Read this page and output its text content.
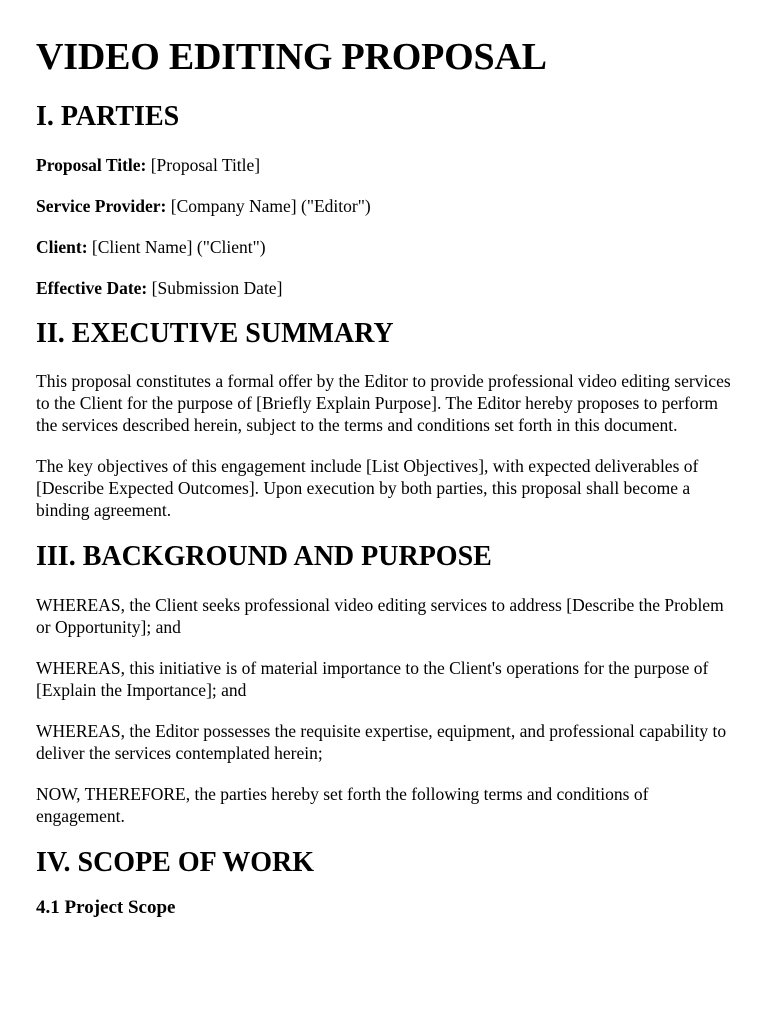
VIDEO EDITING PROPOSAL
I. PARTIES

Proposal Title: [Proposal Title]

Service Provider: [Company Name] ("Editor")

Client: [Client Name] ("Client")

Effective Date: [Submission Date]

II. EXECUTIVE SUMMARY

This proposal constitutes a formal offer by the Editor to provide professional video editing services to the Client for the purpose of [Briefly Explain Purpose]. The Editor hereby proposes to perform the services described herein, subject to the terms and conditions set forth in this document.

The key objectives of this engagement include [List Objectives], with expected deliverables of [Describe Expected Outcomes]. Upon execution by both parties, this proposal shall become a binding agreement.

III. BACKGROUND AND PURPOSE

WHEREAS, the Client seeks professional video editing services to address [Describe the Problem or Opportunity]; and

WHEREAS, this initiative is of material importance to the Client's operations for the purpose of [Explain the Importance]; and

WHEREAS, the Editor possesses the requisite expertise, equipment, and professional capability to deliver the services contemplated herein;

NOW, THEREFORE, the parties hereby set forth the following terms and conditions of engagement.

IV. SCOPE OF WORK
4.1 Project Scope
